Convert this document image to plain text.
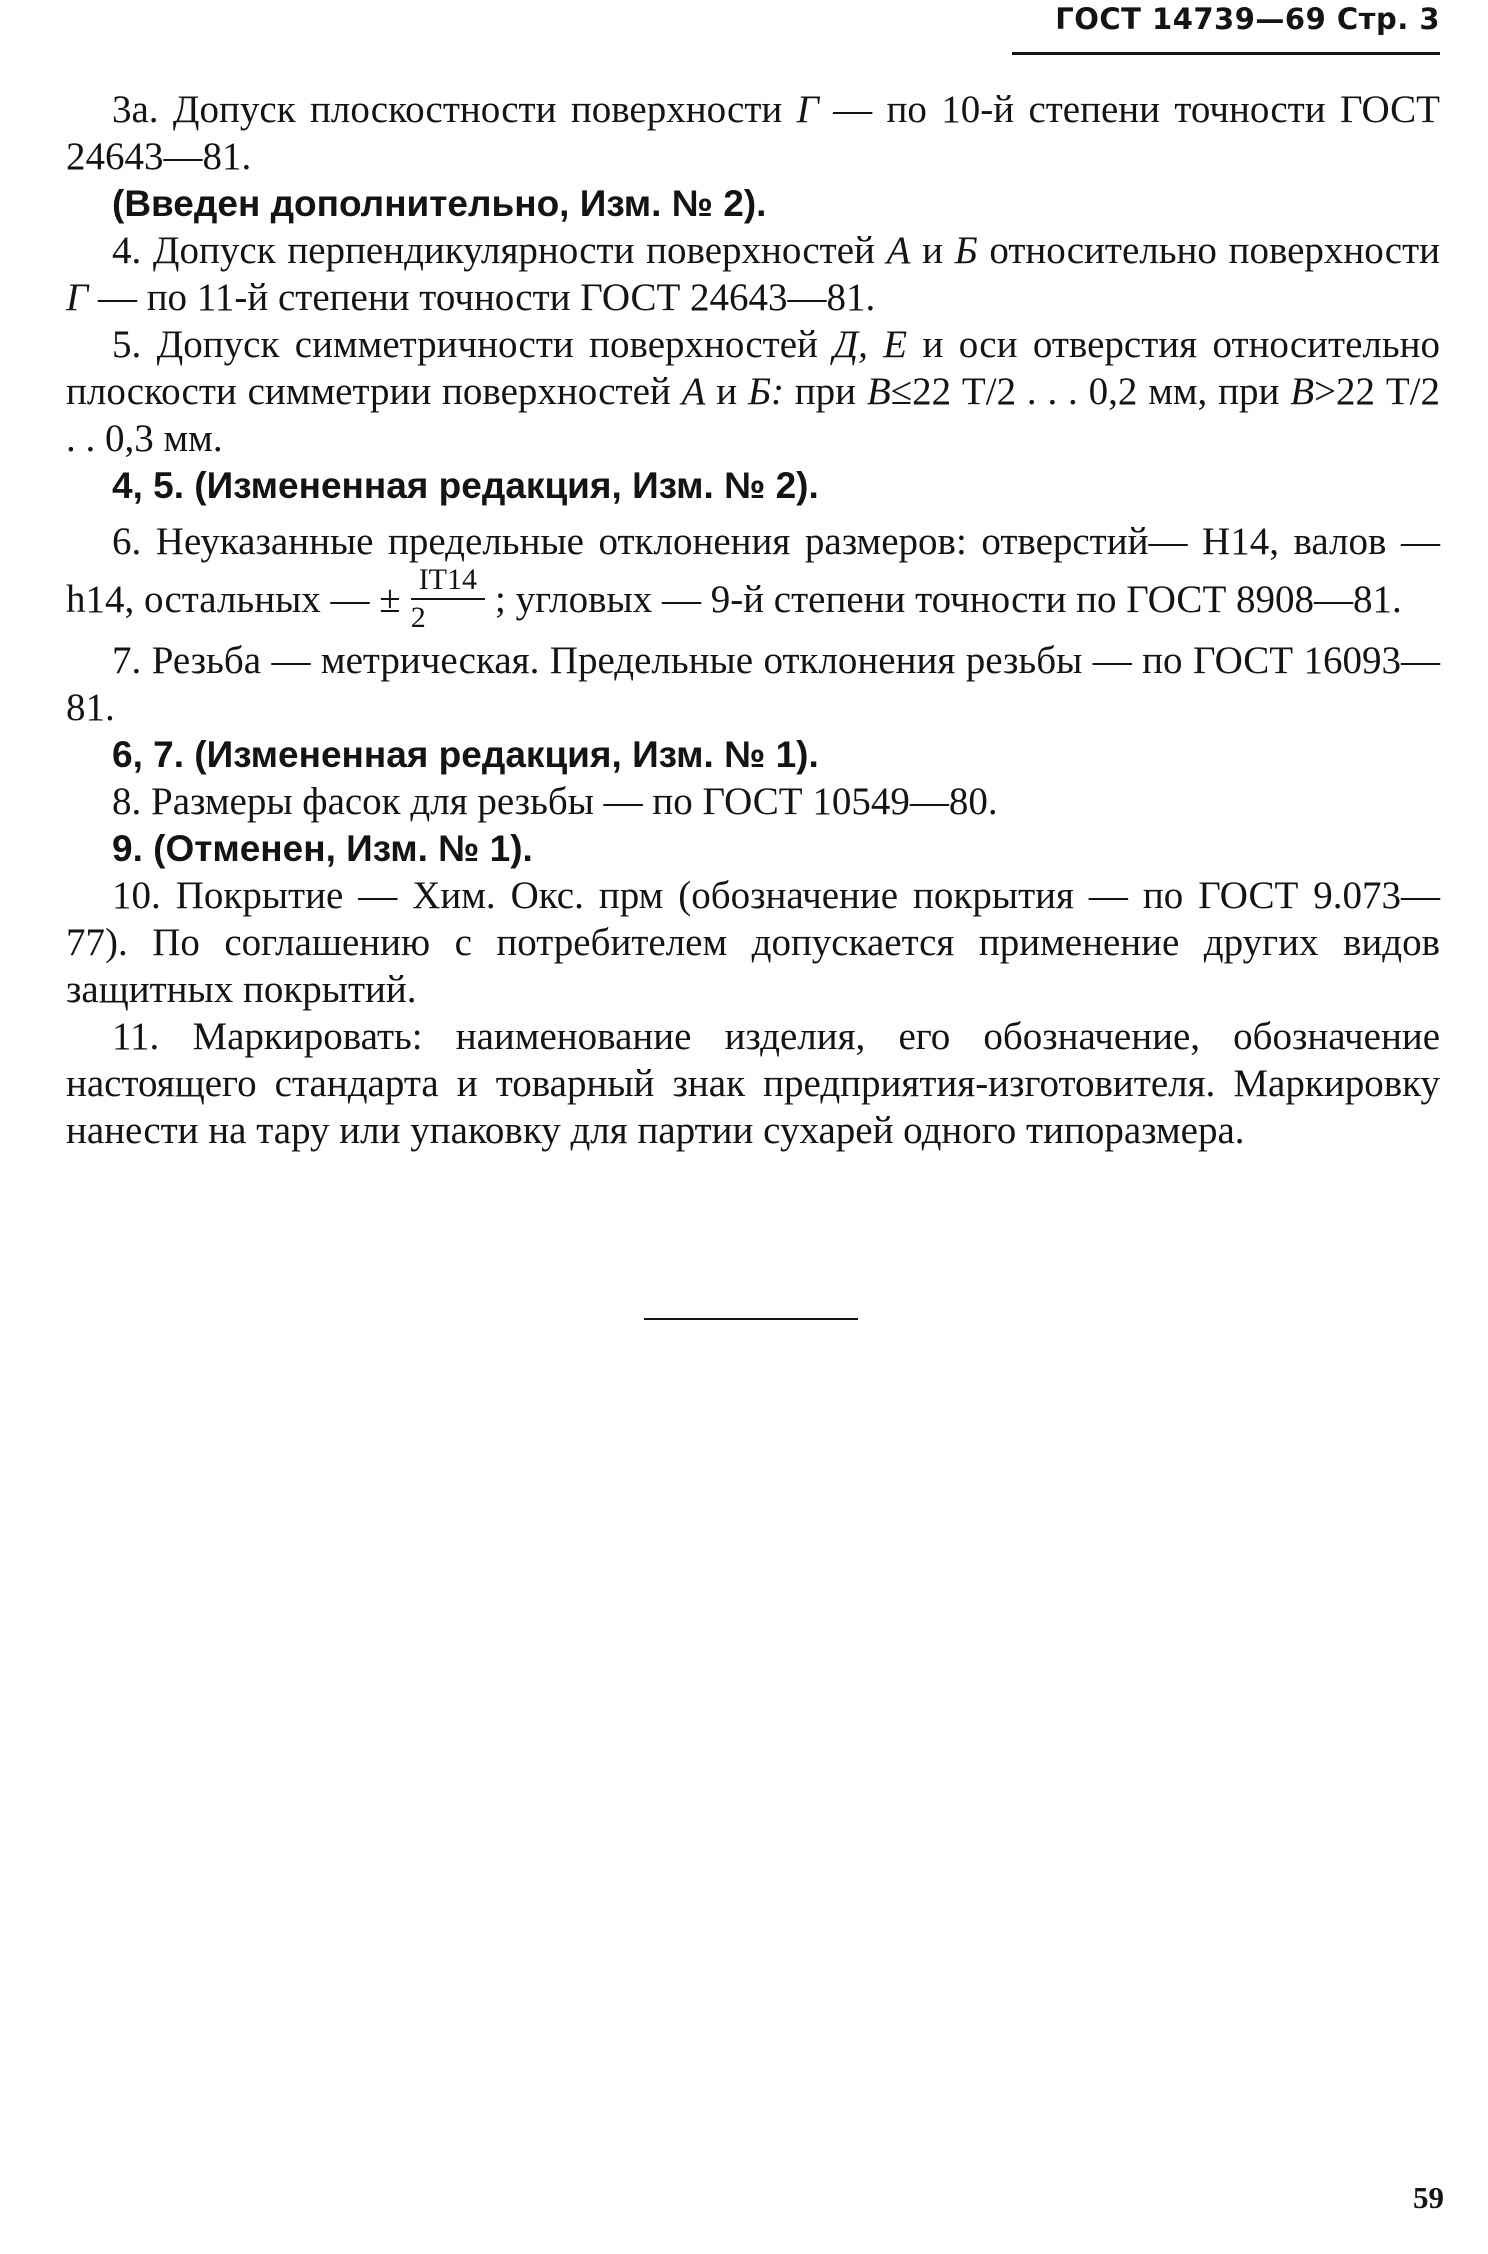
ГОСТ 14739—69 Стр. 3

3а. Допуск плоскостности поверхности Г — по 10-й степени точности ГОСТ 24643—81.

(Введен дополнительно, Изм. № 2).

4. Допуск перпендикулярности поверхностей А и Б относительно поверхности Г — по 11-й степени точности ГОСТ 24643—81.

5. Допуск симметричности поверхностей Д, Е и оси отверстия относительно плоскости симметрии поверхностей А и Б: при В≤22 Т/2 . . . 0,2 мм, при В>22 Т/2 . . 0,3 мм.

4, 5. (Измененная редакция, Изм. № 2).

6. Неуказанные предельные отклонения размеров: отверстий— Н14, валов — h14, остальных — ± $\frac{IT14}{2}$ ; угловых — 9-й степени точности по ГОСТ 8908—81.

7. Резьба — метрическая. Предельные отклонения резьбы — по ГОСТ 16093—81.

6, 7. (Измененная редакция, Изм. № 1).

8. Размеры фасок для резьбы — по ГОСТ 10549—80.

9. (Отменен, Изм. № 1).

10. Покрытие — Хим. Окс. прм (обозначение покрытия — по ГОСТ 9.073—77). По соглашению с потребителем допускается применение других видов защитных покрытий.

11. Маркировать: наименование изделия, его обозначение, обозначение настоящего стандарта и товарный знак предприятия-изготовителя. Маркировку нанести на тару или упаковку для партии сухарей одного типоразмера.

59
